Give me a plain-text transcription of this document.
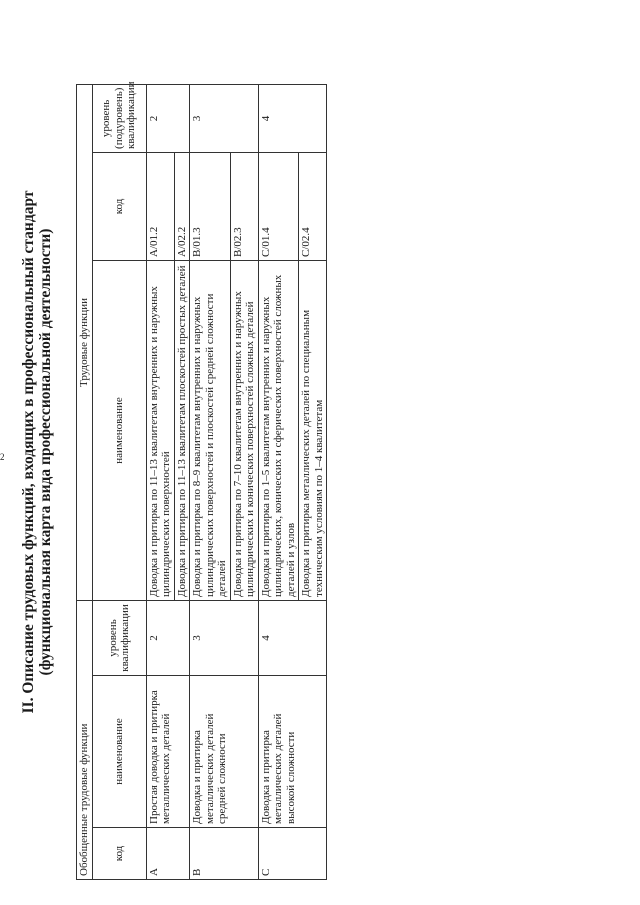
2	II. Описание трудовых функций, входящих в профессиональный стандарт (функциональная карта вида профессиональной деятельности)
Обобщенные трудовые функции			Трудовые функции		
код	наименование	уровень квалификации	наименование	код	уровень (подуровень) квалификации
A	Простая доводка и притирка металлических деталей	2	Доводка и притирка по 11–13 квалитетам внутренних и наружных цилиндрических поверхностей	A/01.2	2
			Доводка и притирка по 11–13 квалитетам плоскостей простых деталей	A/02.2	
B	Доводка и притирка металлических деталей средней сложности	3	Доводка и притирка по 8–9 квалитетам внутренних и наружных цилиндрических поверхностей и плоскостей средней сложности деталей	B/01.3	3
			Доводка и притирка по 7–10 квалитетам внутренних и наружных цилиндрических и конических поверхностей сложных деталей	B/02.3	
C	Доводка и притирка металлических деталей высокой сложности	4	Доводка и притирка по 1–5 квалитетам внутренних и наружных цилиндрических, конических и сферических поверхностей сложных деталей и узлов	C/01.4	4
			Доводка и притирка металлических деталей по специальным техническим условиям по 1–4 квалитетам	C/02.4	
